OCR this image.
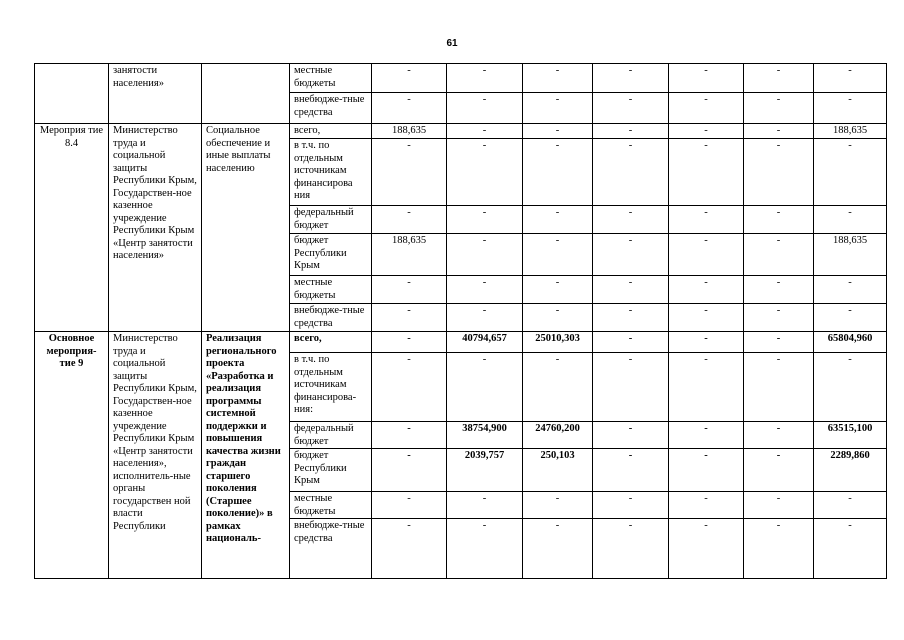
61
	занятости населения»		местные бюджеты	-	-	-	-	-	-	-
			внебюдже-тные средства	-	-	-	-	-	-	-
Мероприя тие 8.4	Министерство труда и социальной защиты Республики Крым, Государствен-ное казенное учреждение Республики Крым «Центр занятости населения»	Социальное обеспечение и иные выплаты населению	всего,	188,635	-	-	-	-	-	188,635
			в т.ч. по отдельным источникам финансирова ния	-	-	-	-	-	-	-
			федеральный бюджет	-	-	-	-	-	-	-
			бюджет Республики Крым	188,635	-	-	-	-	-	188,635
			местные бюджеты	-	-	-	-	-	-	-
			внебюдже-тные средства	-	-	-	-	-	-	-
Основное мероприя-тие 9	Министерство труда и социальной защиты Республики Крым, Государствен-ное казенное учреждение Республики Крым «Центр занятости населения», исполнитель-ные органы государствен ной власти Республики	Реализация регионального проекта «Разработка и реализация программы системной поддержки и повышения качества жизни граждан старшего поколения (Старшее поколение)» в рамках националь-	всего,	-	40794,657	25010,303	-	-	-	65804,960
			в т.ч. по отдельным источникам финансирова-ния:	-	-	-	-	-	-	-
			федеральный бюджет	-	38754,900	24760,200	-	-	-	63515,100
			бюджет Республики Крым	-	2039,757	250,103	-	-	-	2289,860
			местные бюджеты	-	-	-	-	-	-	-
			внебюдже-тные средства	-	-	-	-	-	-	-
